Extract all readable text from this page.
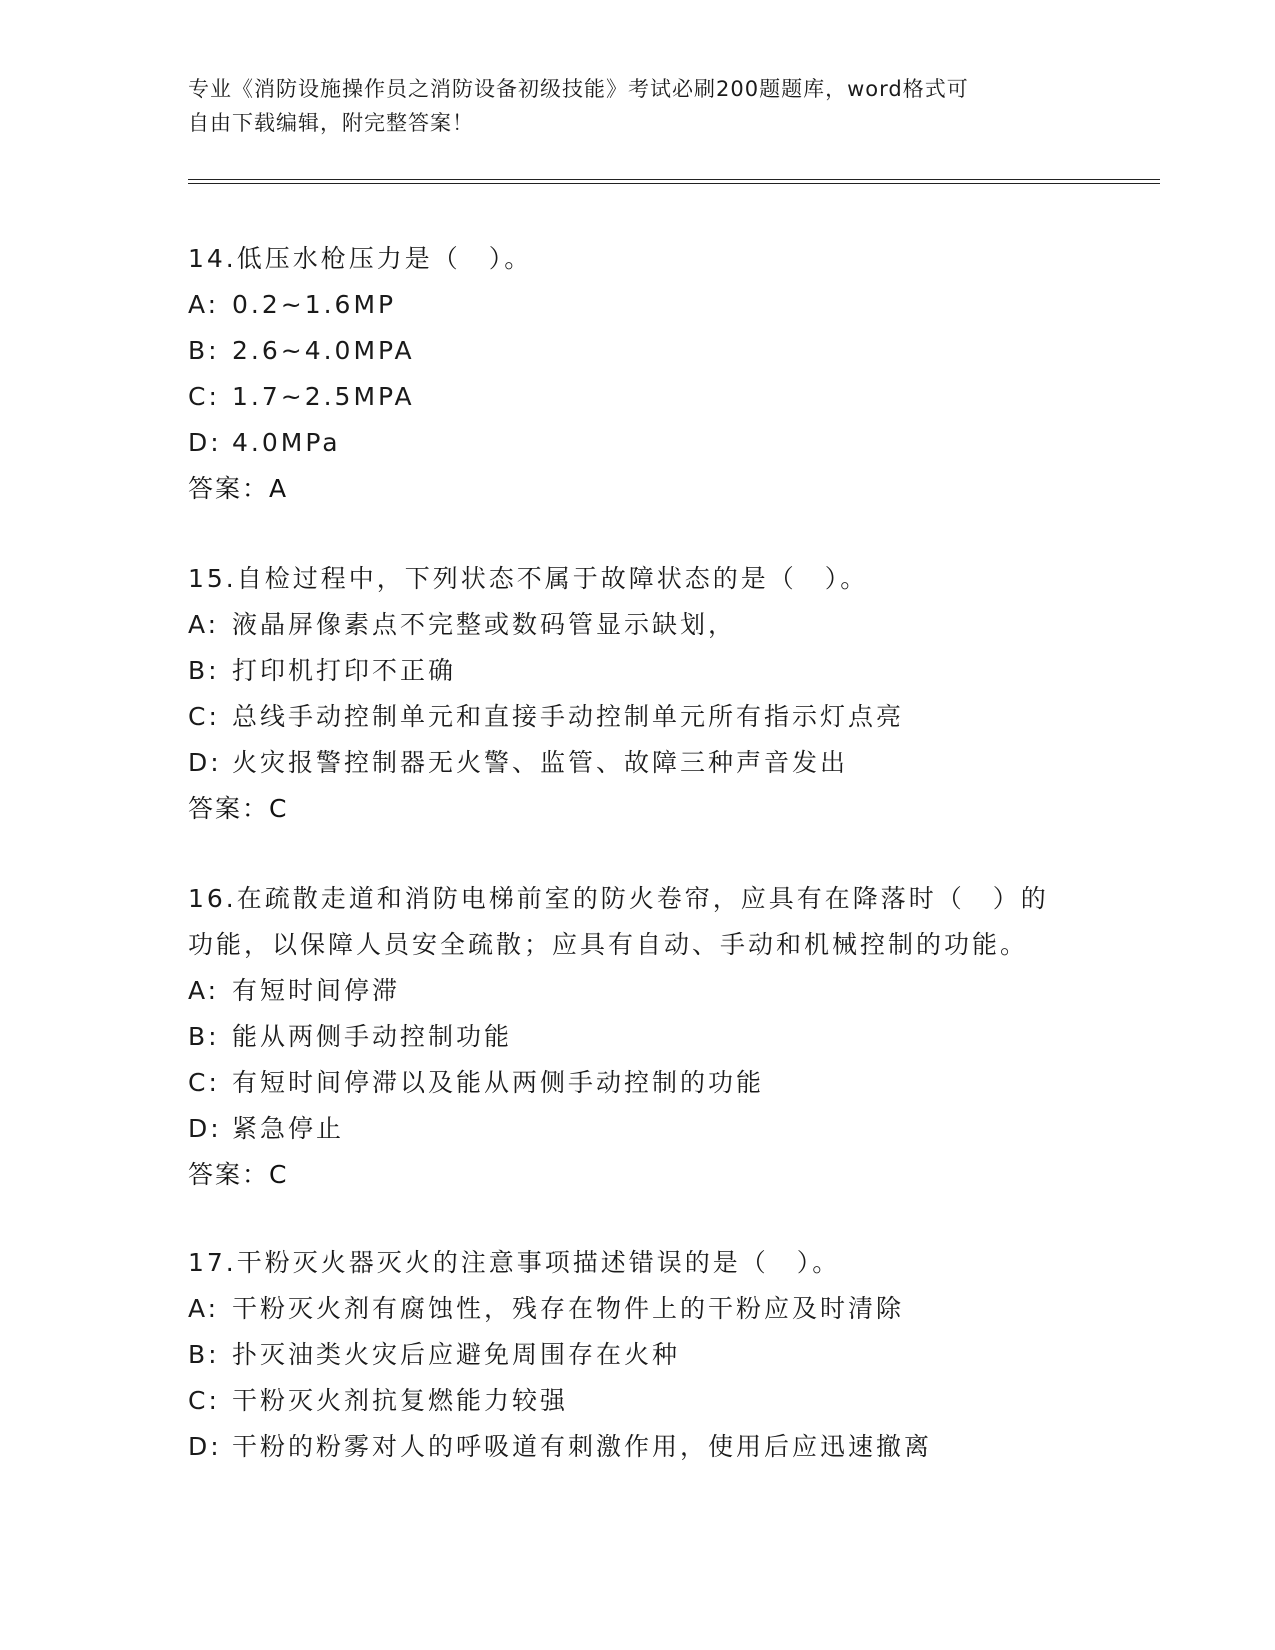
专业《消防设施操作员之消防设备初级技能》考试必刷200题题库，word格式可
自由下载编辑，附完整答案！
14.低压水枪压力是（　）。
A: 0.2~1.6MP
B: 2.6~4.0MPA
C: 1.7~2.5MPA
D: 4.0MPa
答案：A
15.自检过程中，下列状态不属于故障状态的是（　）。
A: 液晶屏像素点不完整或数码管显示缺划，
B: 打印机打印不正确
C: 总线手动控制单元和直接手动控制单元所有指示灯点亮
D: 火灾报警控制器无火警、监管、故障三种声音发出
答案：C
16.在疏散走道和消防电梯前室的防火卷帘，应具有在降落时（　）的
功能，以保障人员安全疏散；应具有自动、手动和机械控制的功能。
A: 有短时间停滞
B: 能从两侧手动控制功能
C: 有短时间停滞以及能从两侧手动控制的功能
D: 紧急停止
答案：C
17.干粉灭火器灭火的注意事项描述错误的是（　）。
A: 干粉灭火剂有腐蚀性，残存在物件上的干粉应及时清除
B: 扑灭油类火灾后应避免周围存在火种
C: 干粉灭火剂抗复燃能力较强
D: 干粉的粉雾对人的呼吸道有刺激作用，使用后应迅速撤离
